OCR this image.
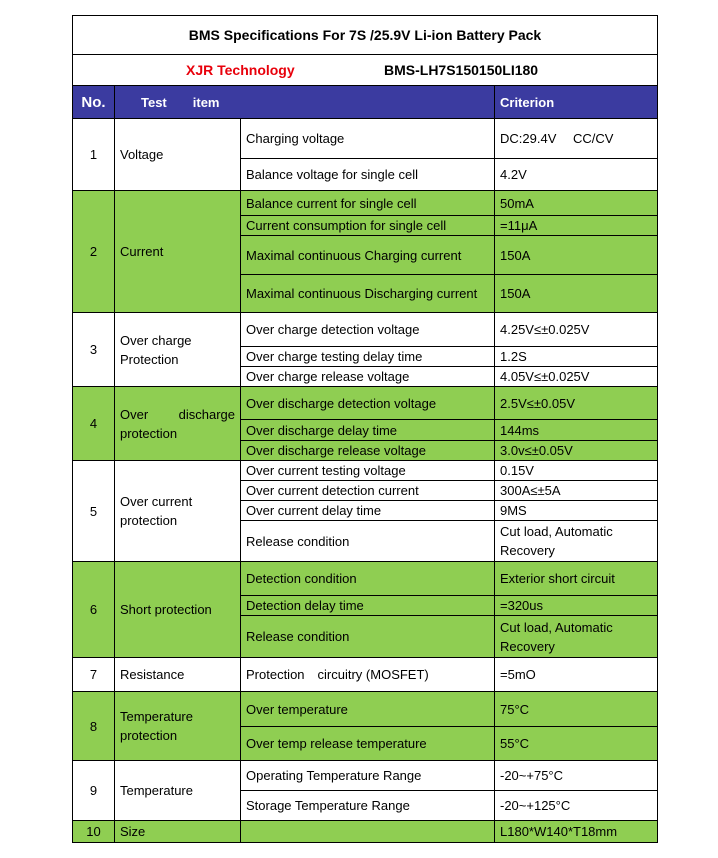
BMS Specifications For 7S /25.9V Li-ion Battery Pack			
XJR Technology BMS-LH7S150150LI180			
No.	Test　　item		Criterion
1	Voltage	Charging voltage	DC:29.4V　 CC/CV
		Balance voltage for single cell	4.2V
2	Current	Balance current for single cell	50mA
		Current consumption for single cell	=11μA
		Maximal continuous Charging current	150A
		Maximal continuous Discharging current	150A
3	Over charge Protection	Over charge detection voltage	4.25V≤±0.025V
		Over charge testing delay time	1.2S
		Over charge release voltage	4.05V≤±0.025V
4	Over discharge protection	Over discharge detection voltage	2.5V≤±0.05V
		Over discharge delay time	144ms
		Over discharge release voltage	3.0v≤±0.05V
5	Over current protection	Over current testing voltage	0.15V
		Over current detection current	300A≤±5A
		Over current delay time	9MS
		Release condition	Cut load, Automatic Recovery
6	Short protection	Detection condition	Exterior short circuit
		Detection delay time	=320us
		Release condition	Cut load, Automatic Recovery
7	Resistance	Protection　circuitry (MOSFET)	=5mO
8	Temperature protection	Over temperature	75°C
		Over temp release temperature	55°C
9	Temperature	Operating Temperature Range	-20~+75°C
		Storage Temperature Range	-20~+125°C
10	Size		L180*W140*T18mm
